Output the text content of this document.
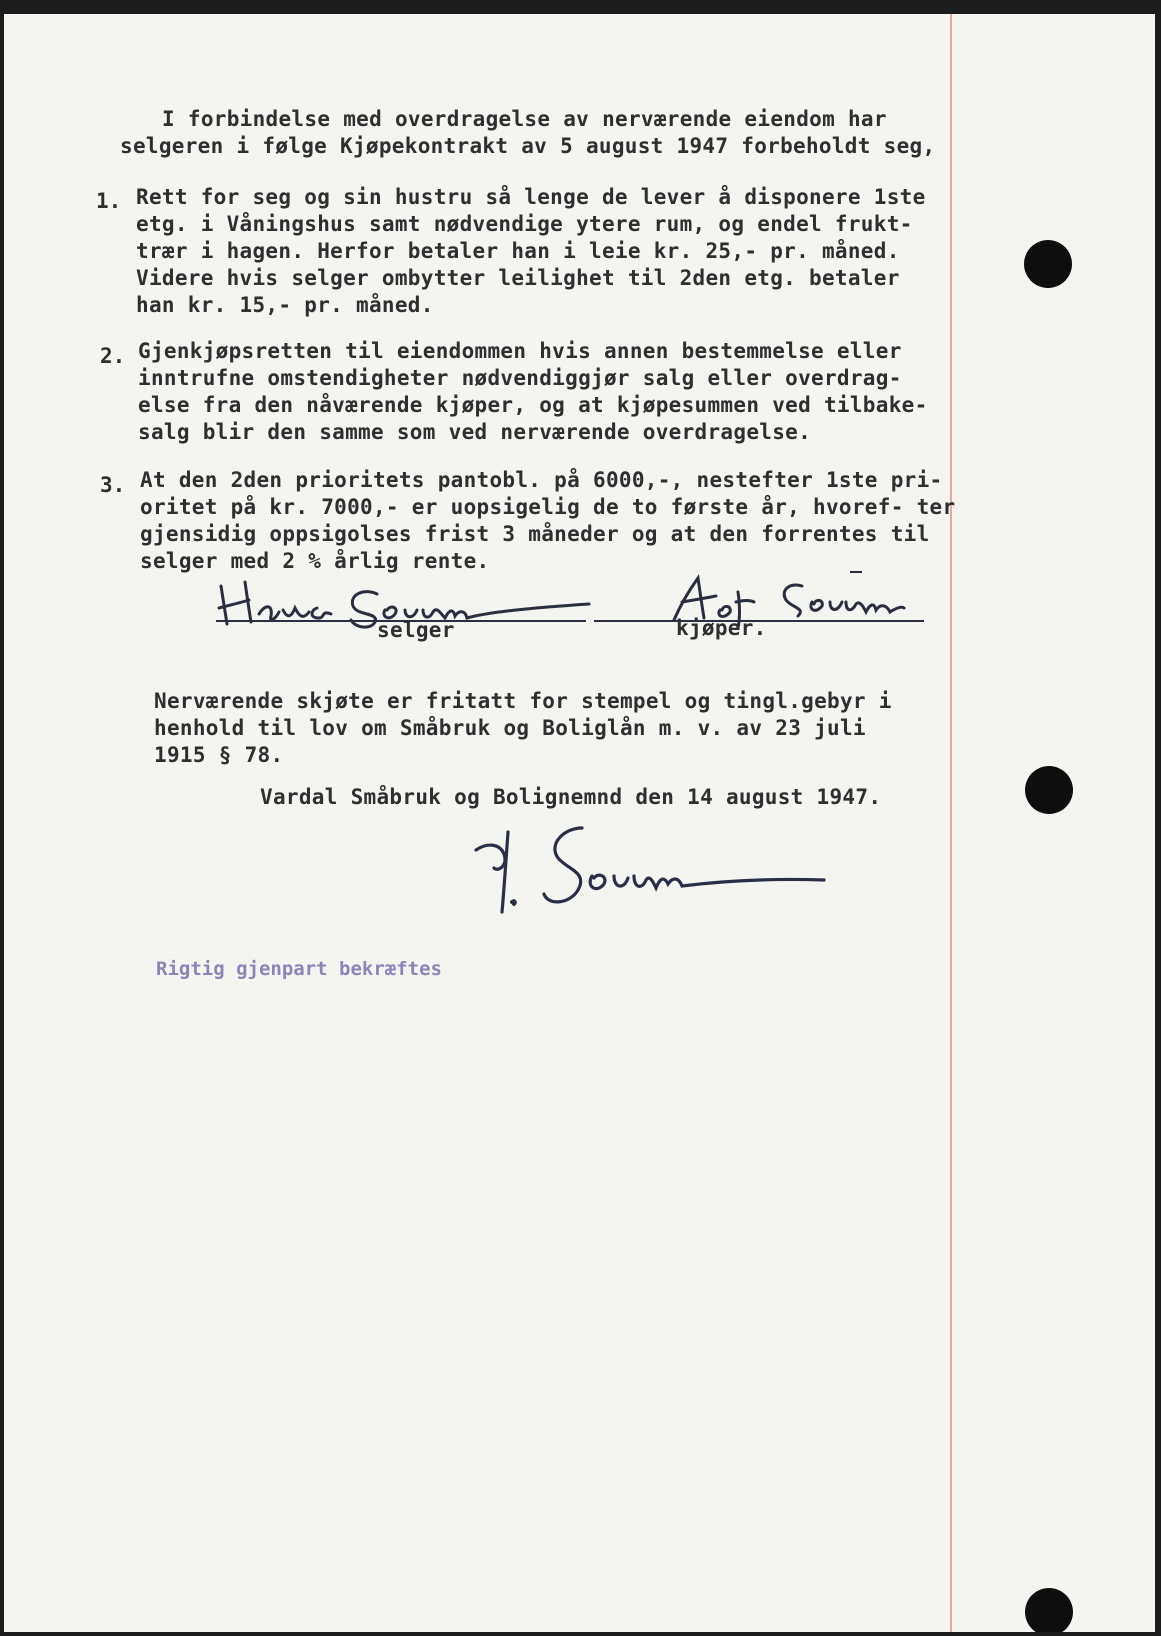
I forbindelse med overdragelse av nerværende eiendom har
selgeren i følge Kjøpekontrakt av 5 august 1947 forbeholdt seg,
1. Rett for seg og sin hustru så lenge de lever å disponere 1ste
etg. i Våningshus samt nødvendige ytere rum, og endel frukt-
trær i hagen. Herfor betaler han i leie kr. 25,- pr. måned.
Videre hvis selger ombytter leilighet til 2den etg. betaler
han kr. 15,- pr. måned.
2. Gjenkjøpsretten til eiendommen hvis annen bestemmelse eller
inntrufne omstendigheter nødvendiggjør salg eller overdrag-
else fra den nåværende kjøper, og at kjøpesummen ved tilbake-
salg blir den samme som ved nerværende overdragelse.
3. At den 2den prioritets pantobl. på 6000,-, nestefter 1ste pri-
oritet på kr. 7000,- er uopsigelig de to første år, hvoref- ter
gjensidig oppsigolses frist 3 måneder og at den forrentes til
selger med 2 % årlig rente.
selger	kjøper.
Nerværende skjøte er fritatt for stempel og tingl.gebyr i
henhold til lov om Småbruk og Boliglån m. v. av 23 juli
1915 § 78.
Vardal Småbruk og Bolignemnd den 14 august 1947.
Rigtig gjenpart bekræftes
